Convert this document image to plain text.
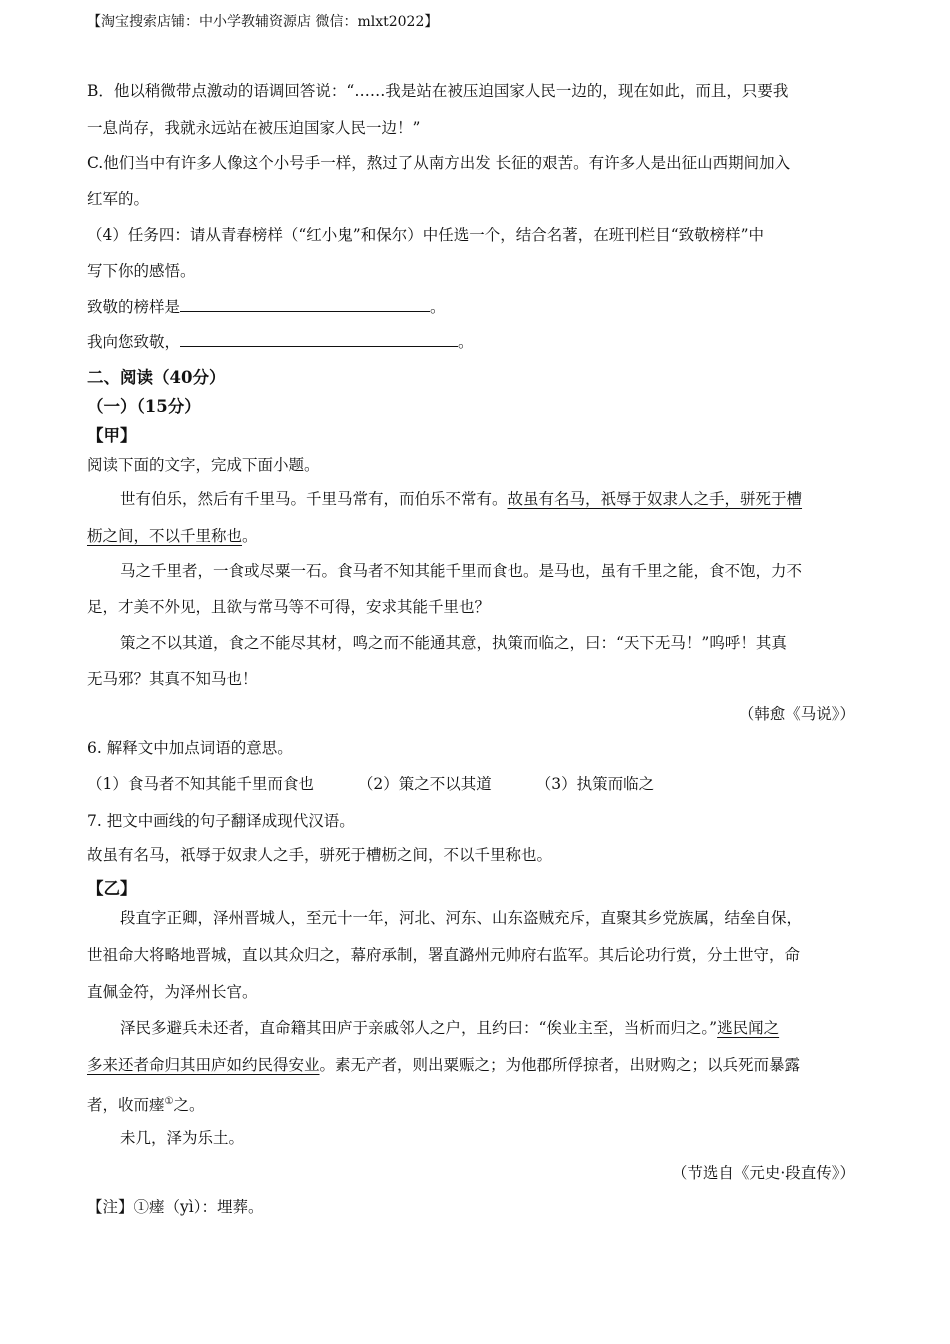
【淘宝搜索店铺：中小学教辅资源店 微信：mlxt2022】
B．他以稍微带点激动的语调回答说：“……我是站在被压迫国家人民一边的，现在如此，而且，只要我
一息尚存，我就永远站在被压迫国家人民一边！”
C.他们当中有许多人像这个小号手一样，熬过了从南方出发 长征的艰苦。有许多人是出征山西期间加入
红军的。
（4）任务四：请从青春榜样（“红小鬼”和保尔）中任选一个，结合名著，在班刊栏目“致敬榜样”中
写下你的感悟。
致敬的榜样是	。
我向您致敬，	。
二、阅读（40分）
（一）（15分）
【甲】
阅读下面的文字，完成下面小题。
世有伯乐，然后有千里马。千里马常有，而伯乐不常有。故虽有名马，祇辱于奴隶人之手，骈死于槽
枥之间，不以千里称也。
马之千里者，一食或尽粟一石。食马者不知其能千里而食也。是马也，虽有千里之能，食不饱，力不
足，才美不外见，且欲与常马等不可得，安求其能千里也？
策之不以其道，食之不能尽其材，鸣之而不能通其意，执策而临之，曰：“天下无马！”呜呼！其真
无马邪？其真不知马也！
（韩愈《马说》）
6. 解释文中加点词语的意思。
（1）食马者不知其能千里而食也	（2）策之不以其道	（3）执策而临之
7. 把文中画线的句子翻译成现代汉语。
故虽有名马，祇辱于奴隶人之手，骈死于槽枥之间，不以千里称也。
【乙】
段直字正卿，泽州晋城人，至元十一年，河北、河东、山东盗贼充斥，直聚其乡党族属，结垒自保，
世祖命大将略地晋城，直以其众归之，幕府承制，署直潞州元帅府右监军。其后论功行赏，分土世守，命
直佩金符，为泽州长官。
泽民多避兵未还者，直命籍其田庐于亲戚邻人之户，且约曰：“俟业主至，当析而归之。”逃民闻之
多来还者命归其田庐如约民得安业。素无产者，则出粟赈之；为他郡所俘掠者，出财购之；以兵死而暴露
者，收而瘗①之。
未几，泽为乐土。
（节选自《元史·段直传》）
【注】①瘗（yì）：埋葬。
